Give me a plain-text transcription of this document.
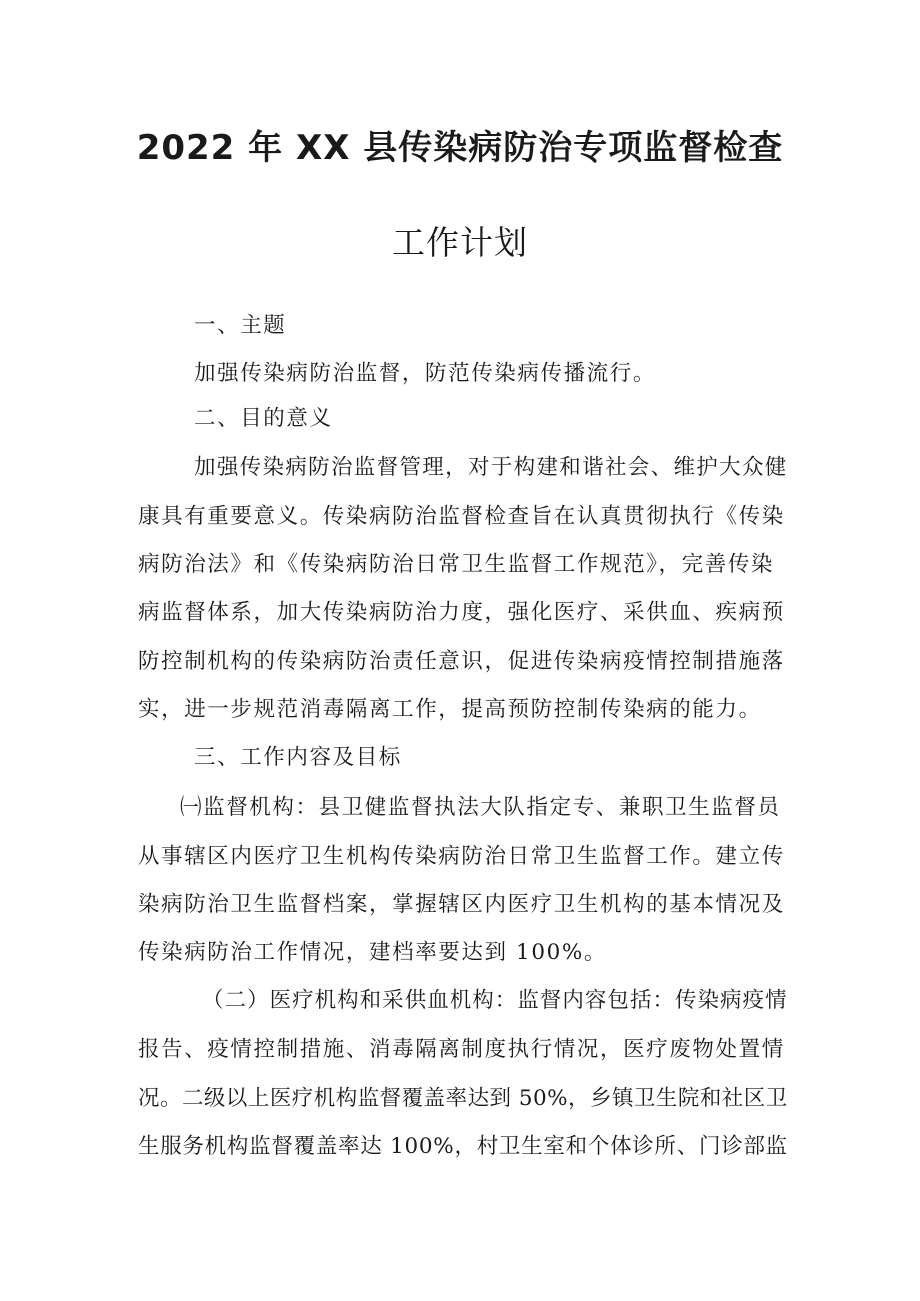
2022 年 XX 县传染病防治专项监督检查
工作计划
一、主题
加强传染病防治监督，防范传染病传播流行。
二、目的意义
加强传染病防治监督管理，对于构建和谐社会、维护大众健
康具有重要意义。传染病防治监督检查旨在认真贯彻执行《传染
病防治法》和《传染病防治日常卫生监督工作规范》，完善传染
病监督体系，加大传染病防治力度，强化医疗、采供血、疾病预
防控制机构的传染病防治责任意识，促进传染病疫情控制措施落
实，进一步规范消毒隔离工作，提高预防控制传染病的能力。
三、工作内容及目标
㈠监督机构：县卫健监督执法大队指定专、兼职卫生监督员
从事辖区内医疗卫生机构传染病防治日常卫生监督工作。建立传
染病防治卫生监督档案，掌握辖区内医疗卫生机构的基本情况及
传染病防治工作情况，建档率要达到 100%。
（二）医疗机构和采供血机构：监督内容包括：传染病疫情
报告、疫情控制措施、消毒隔离制度执行情况，医疗废物处置情
况。二级以上医疗机构监督覆盖率达到 50%，乡镇卫生院和社区卫
生服务机构监督覆盖率达 100%，村卫生室和个体诊所、门诊部监
